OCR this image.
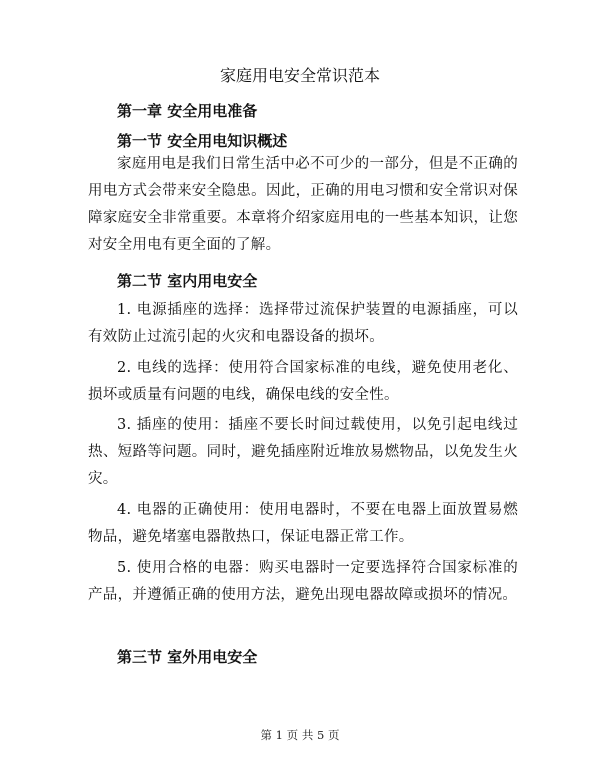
家庭用电安全常识范本
第一章 安全用电准备
第一节 安全用电知识概述
家庭用电是我们日常生活中必不可少的一部分，但是不正确的用电方式会带来安全隐患。因此，正确的用电习惯和安全常识对保障家庭安全非常重要。本章将介绍家庭用电的一些基本知识，让您对安全用电有更全面的了解。
第二节 室内用电安全
1. 电源插座的选择：选择带过流保护装置的电源插座，可以有效防止过流引起的火灾和电器设备的损坏。
2. 电线的选择：使用符合国家标准的电线，避免使用老化、损坏或质量有问题的电线，确保电线的安全性。
3. 插座的使用：插座不要长时间过载使用，以免引起电线过热、短路等问题。同时，避免插座附近堆放易燃物品，以免发生火灾。
4. 电器的正确使用：使用电器时，不要在电器上面放置易燃物品，避免堵塞电器散热口，保证电器正常工作。
5. 使用合格的电器：购买电器时一定要选择符合国家标准的产品，并遵循正确的使用方法，避免出现电器故障或损坏的情况。
第三节 室外用电安全
第 1 页 共 5 页
